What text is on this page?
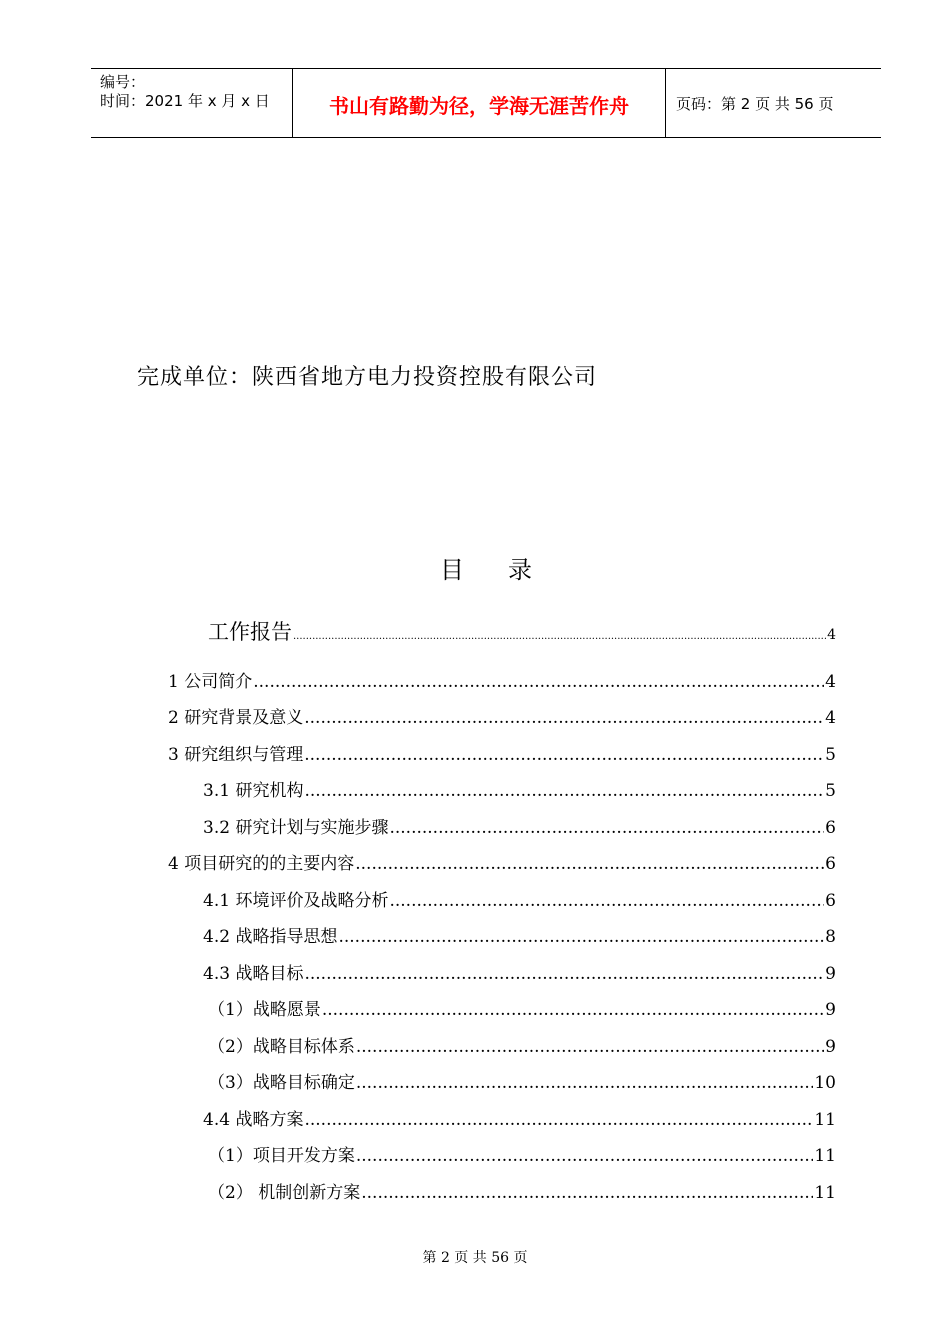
编号：
时间：2021 年 x 月 x 日	书山有路勤为径，学海无涯苦作舟	页码：第 2 页 共 56 页
完成单位：陕西省地方电力投资控股有限公司
目录
工作报告 .....	4
1 公司简介 .....	4
2 研究背景及意义 .....	4
3 研究组织与管理 .....	5
3.1 研究机构 .....	5
3.2 研究计划与实施步骤 .....	6
4 项目研究的的主要内容 .....	6
4.1 环境评价及战略分析 .....	6
4.2 战略指导思想 .....	8
4.3 战略目标 .....	9
（1）战略愿景 .....	9
（2）战略目标体系 .....	9
（3）战略目标确定 .....	10
4.4 战略方案 .....	11
（1）项目开发方案 .....	11
（2） 机制创新方案 .....	11
第 2 页 共 56 页
